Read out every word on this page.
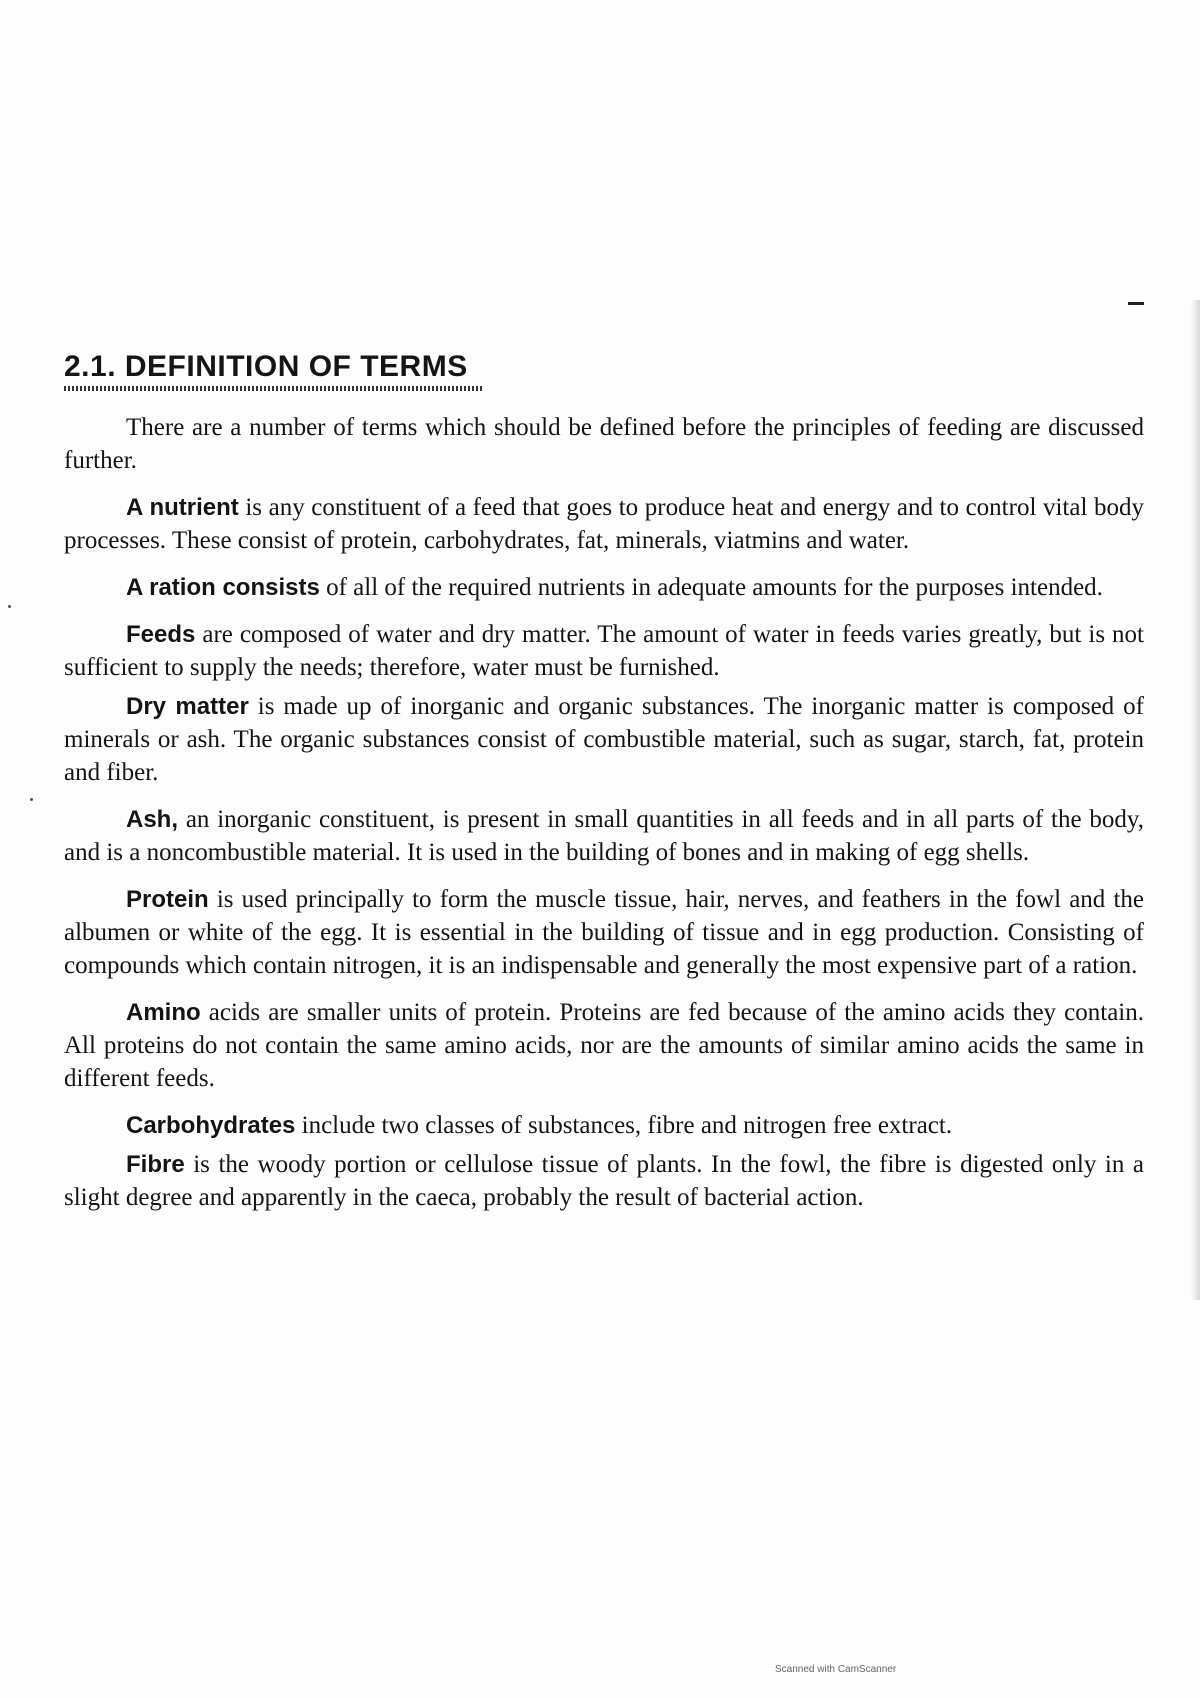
2.1. DEFINITION OF TERMS

There are a number of terms which should be defined before the principles of feeding are discussed further.

A nutrient is any constituent of a feed that goes to produce heat and energy and to control vital body processes. These consist of protein, carbohydrates, fat, minerals, viatmins and water.

A ration consists of all of the required nutrients in adequate amounts for the purposes intended.

Feeds are composed of water and dry matter. The amount of water in feeds varies greatly, but is not sufficient to supply the needs; therefore, water must be furnished.

Dry matter is made up of inorganic and organic substances. The inorganic matter is composed of minerals or ash. The organic substances consist of combustible material, such as sugar, starch, fat, protein and fiber.

Ash, an inorganic constituent, is present in small quantities in all feeds and in all parts of the body, and is a noncombustible material. It is used in the building of bones and in making of egg shells.

Protein is used principally to form the muscle tissue, hair, nerves, and feathers in the fowl and the albumen or white of the egg. It is essential in the building of tissue and in egg production. Consisting of compounds which contain nitrogen, it is an indispensable and generally the most expensive part of a ration.

Amino acids are smaller units of protein. Proteins are fed because of the amino acids they contain. All proteins do not contain the same amino acids, nor are the amounts of similar amino acids the same in different feeds.

Carbohydrates include two classes of substances, fibre and nitrogen free extract.

Fibre is the woody portion or cellulose tissue of plants. In the fowl, the fibre is digested only in a slight degree and apparently in the caeca, probably the result of bacterial action.

Scanned with CamScanner
